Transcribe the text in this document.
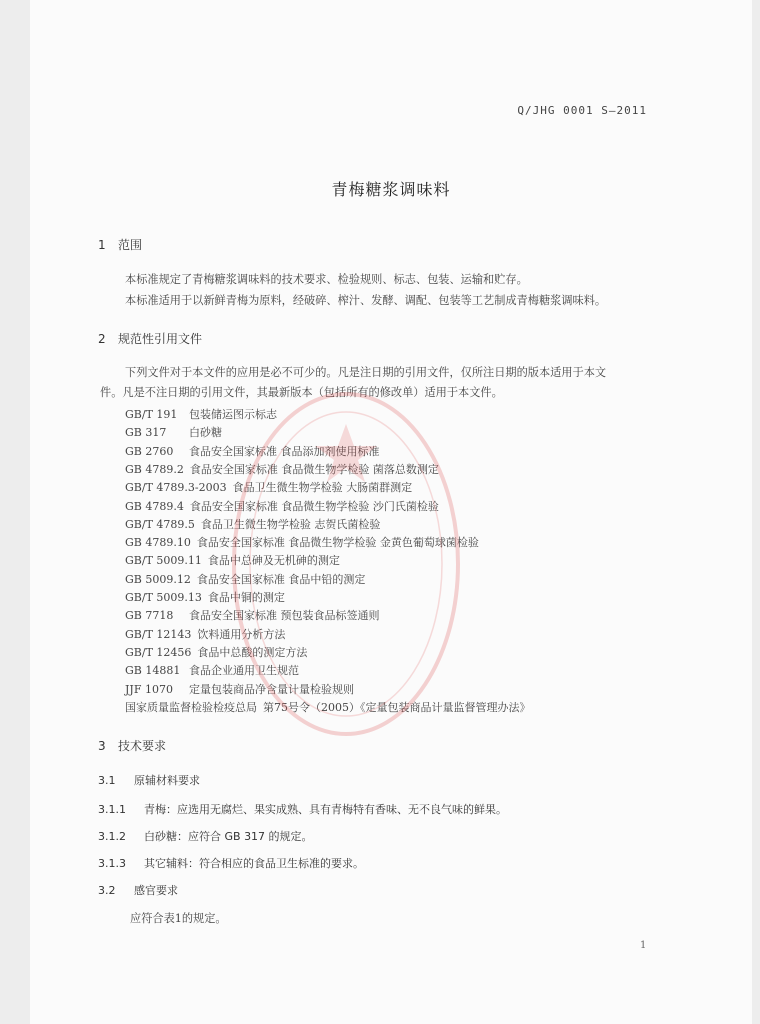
Q/JHG 0001 S—2011
青梅糖浆调味料
1 范围
本标准规定了青梅糖浆调味料的技术要求、检验规则、标志、包装、运输和贮存。
本标准适用于以新鲜青梅为原料，经破碎、榨汁、发酵、调配、包装等工艺制成青梅糖浆调味料。
2 规范性引用文件
下列文件对于本文件的应用是必不可少的。凡是注日期的引用文件，仅所注日期的版本适用于本文
件。凡是不注日期的引用文件，其最新版本（包括所有的修改单）适用于本文件。
GB/T 191 包装储运图示标志
GB 317 白砂糖
GB 2760 食品安全国家标准 食品添加剂使用标准
GB 4789.2 食品安全国家标准 食品微生物学检验 菌落总数测定
GB/T 4789.3-2003 食品卫生微生物学检验 大肠菌群测定
GB 4789.4 食品安全国家标准 食品微生物学检验 沙门氏菌检验
GB/T 4789.5 食品卫生微生物学检验 志贺氏菌检验
GB 4789.10 食品安全国家标准 食品微生物学检验 金黄色葡萄球菌检验
GB/T 5009.11 食品中总砷及无机砷的测定
GB 5009.12 食品安全国家标准 食品中铅的测定
GB/T 5009.13 食品中铜的测定
GB 7718 食品安全国家标准 预包装食品标签通则
GB/T 12143 饮料通用分析方法
GB/T 12456 食品中总酸的测定方法
GB 14881 食品企业通用卫生规范
JJF 1070 定量包装商品净含量计量检验规则
国家质量监督检验检疫总局 第75号令（2005）《定量包装商品计量监督管理办法》
3 技术要求
3.1 原辅材料要求
3.1.1 青梅：应选用无腐烂、果实成熟、具有青梅特有香味、无不良气味的鲜果。
3.1.2 白砂糖：应符合 GB 317 的规定。
3.1.3 其它辅料：符合相应的食品卫生标准的要求。
3.2 感官要求
应符合表1的规定。
1
